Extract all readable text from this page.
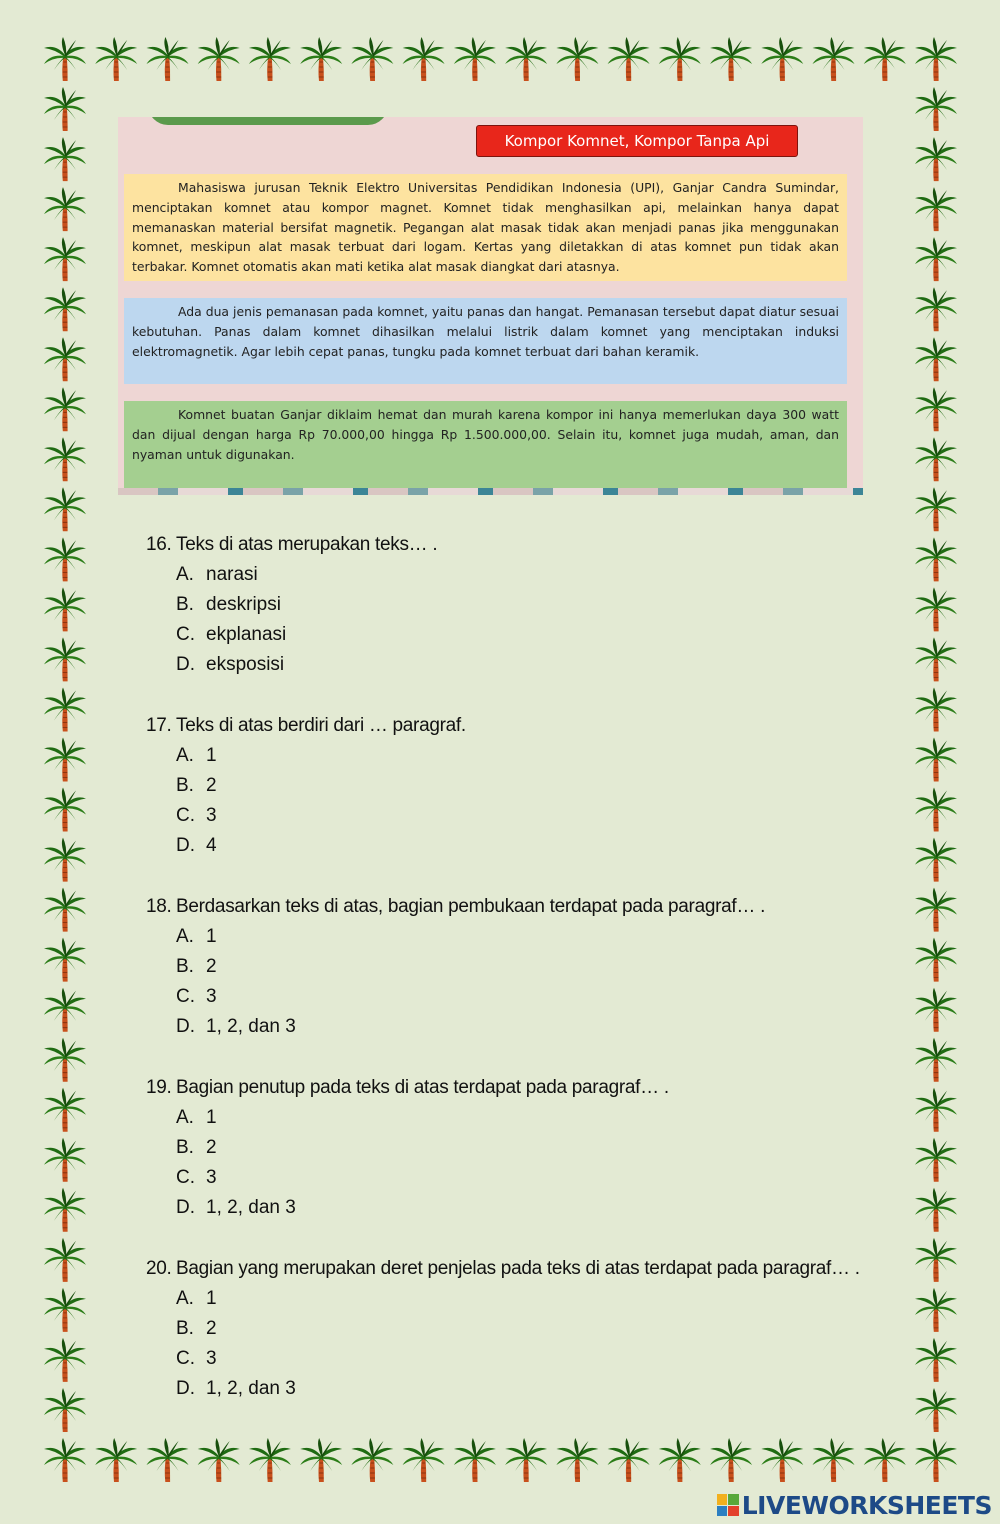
Kompor Komnet, Kompor Tanpa Api
Mahasiswa jurusan Teknik Elektro Universitas Pendidikan Indonesia (UPI), Ganjar Candra Sumindar, menciptakan komnet atau kompor magnet. Komnet tidak menghasilkan api, melainkan hanya dapat memanaskan material bersifat magnetik. Pegangan alat masak tidak akan menjadi panas jika menggunakan komnet, meskipun alat masak terbuat dari logam. Kertas yang diletakkan di atas komnet pun tidak akan terbakar. Komnet otomatis akan mati ketika alat masak diangkat dari atasnya.
Ada dua jenis pemanasan pada komnet, yaitu panas dan hangat. Pemanasan tersebut dapat diatur sesuai kebutuhan. Panas dalam komnet dihasilkan melalui listrik dalam komnet yang menciptakan induksi elektromagnetik. Agar lebih cepat panas, tungku pada komnet terbuat dari bahan keramik.
Komnet buatan Ganjar diklaim hemat dan murah karena kompor ini hanya memerlukan daya 300 watt dan dijual dengan harga Rp 70.000,00 hingga Rp 1.500.000,00. Selain itu, komnet juga mudah, aman, dan nyaman untuk digunakan.
16. Teks di atas merupakan teks… .
A. narasi
B. deskripsi
C. ekplanasi
D. eksposisi
17. Teks di atas berdiri dari … paragraf.
A. 1
B. 2
C. 3
D. 4
18. Berdasarkan teks di atas, bagian pembukaan terdapat pada paragraf… .
A. 1
B. 2
C. 3
D. 1, 2, dan 3
19. Bagian penutup pada teks di atas terdapat pada paragraf… .
A. 1
B. 2
C. 3
D. 1, 2, dan 3
20. Bagian yang merupakan deret penjelas pada teks di atas terdapat pada paragraf… .
A. 1
B. 2
C. 3
D. 1, 2, dan 3
LIVEWORKSHEETS
